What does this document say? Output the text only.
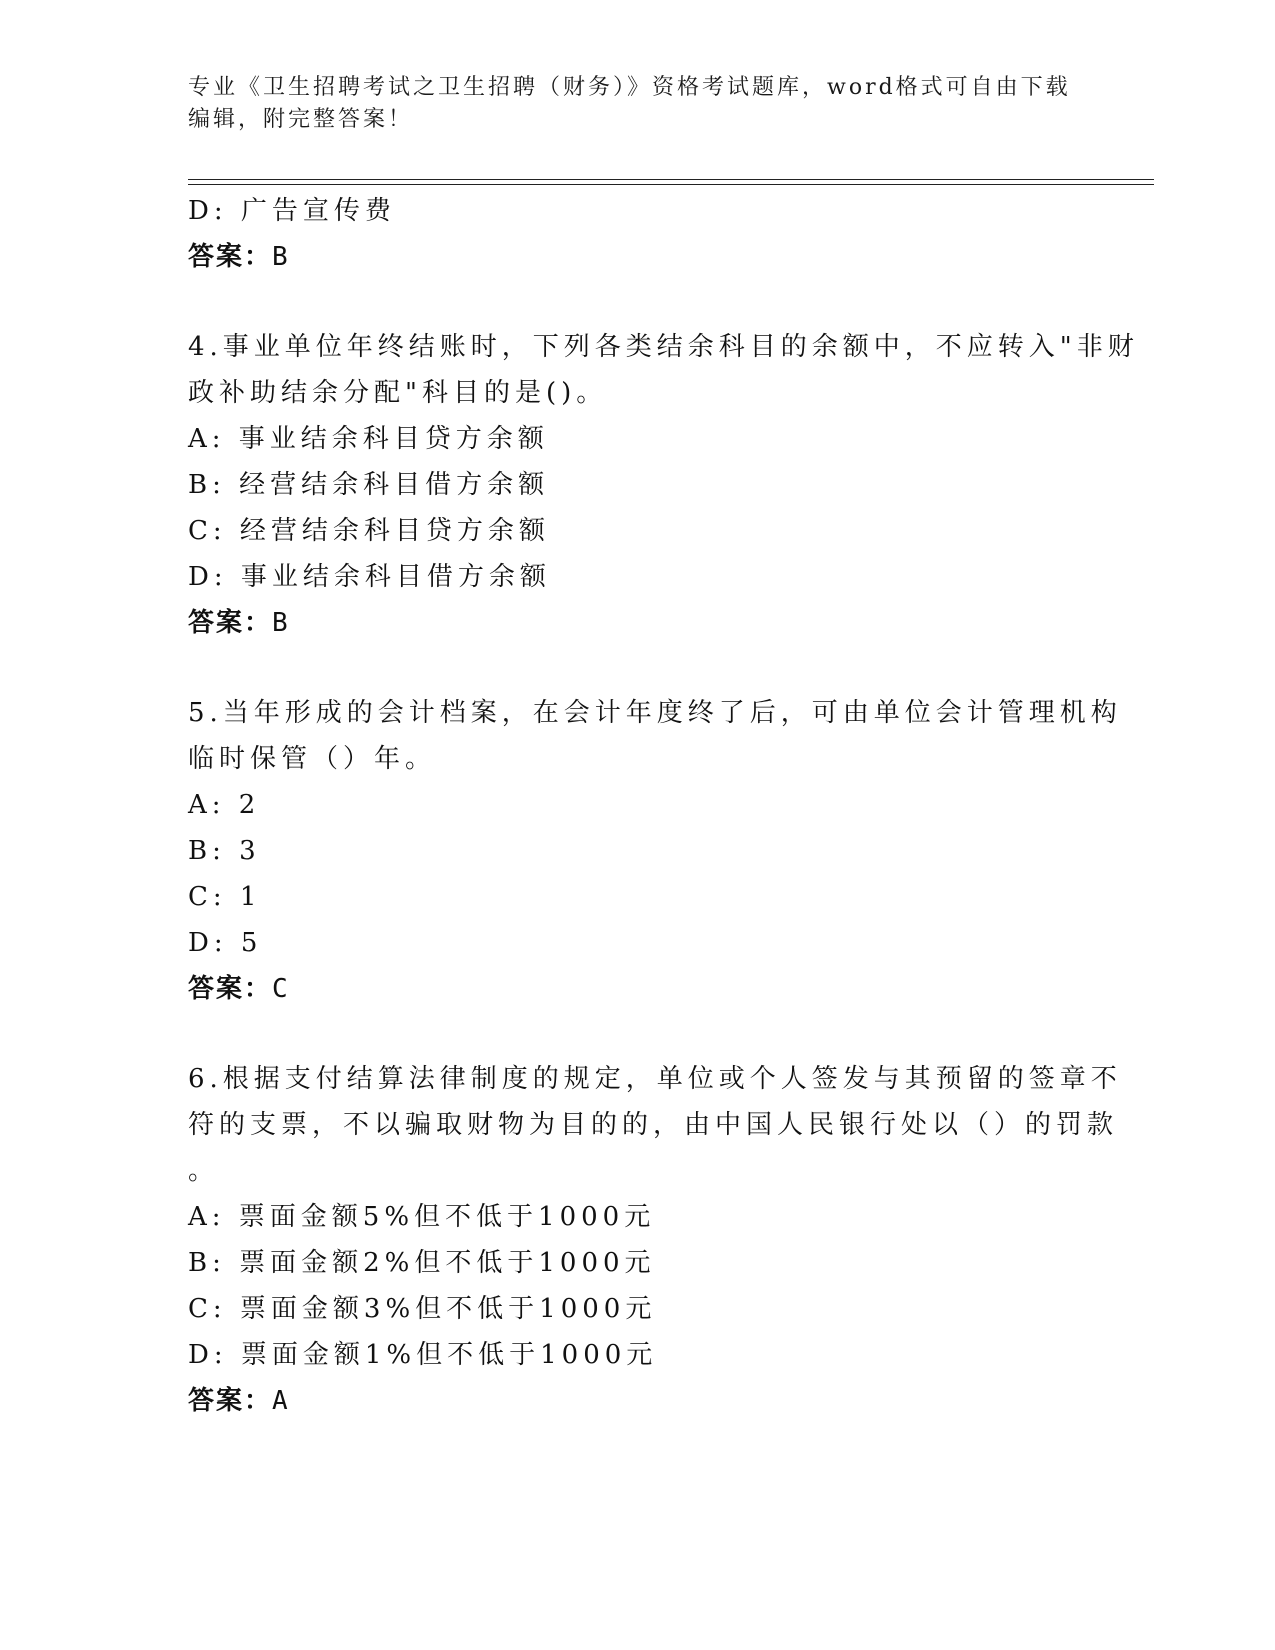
专业《卫生招聘考试之卫生招聘（财务）》资格考试题库，word格式可自由下载
编辑，附完整答案！
D: 广告宣传费
答案：B
4.事业单位年终结账时，下列各类结余科目的余额中，不应转入"非财
政补助结余分配"科目的是()。
A: 事业结余科目贷方余额
B: 经营结余科目借方余额
C: 经营结余科目贷方余额
D: 事业结余科目借方余额
答案：B
5.当年形成的会计档案，在会计年度终了后，可由单位会计管理机构
临时保管（）年。
A: 2
B: 3
C: 1
D: 5
答案：C
6.根据支付结算法律制度的规定，单位或个人签发与其预留的签章不
符的支票，不以骗取财物为目的的，由中国人民银行处以（）的罚款
。
A: 票面金额5%但不低于1000元
B: 票面金额2%但不低于1000元
C: 票面金额3%但不低于1000元
D: 票面金额1%但不低于1000元
答案：A
